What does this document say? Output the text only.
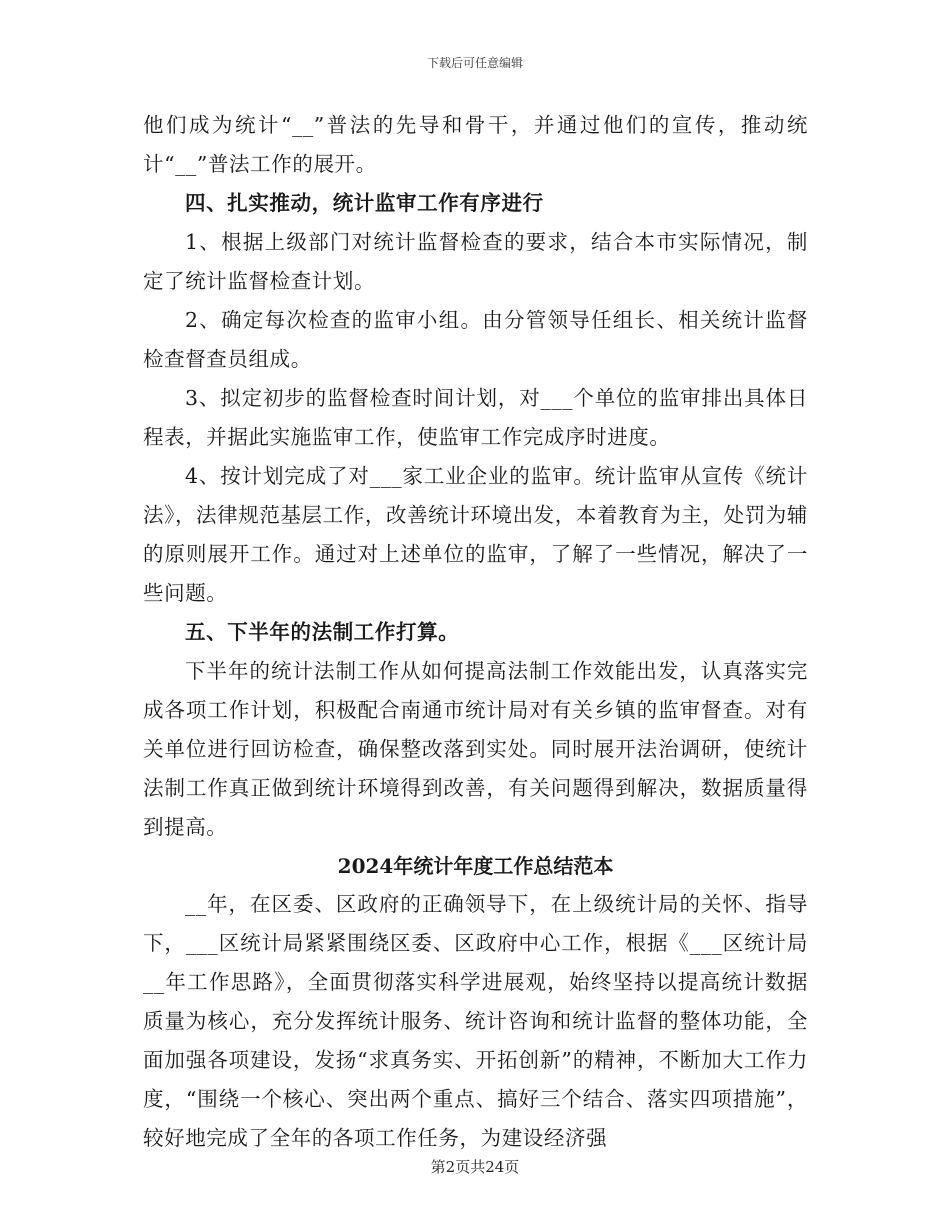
下载后可任意编辑

他们成为统计“__”普法的先导和骨干，并通过他们的宣传，推动统计“__”普法工作的展开。

四、扎实推动，统计监审工作有序进行

1、根据上级部门对统计监督检查的要求，结合本市实际情况，制定了统计监督检查计划。

2、确定每次检查的监审小组。由分管领导任组长、相关统计监督检查督查员组成。

3、拟定初步的监督检查时间计划，对___个单位的监审排出具体日程表，并据此实施监审工作，使监审工作完成序时进度。

4、按计划完成了对___家工业企业的监审。统计监审从宣传《统计法》，法律规范基层工作，改善统计环境出发，本着教育为主，处罚为辅的原则展开工作。通过对上述单位的监审，了解了一些情况，解决了一些问题。

五、下半年的法制工作打算。

下半年的统计法制工作从如何提高法制工作效能出发，认真落实完成各项工作计划，积极配合南通市统计局对有关乡镇的监审督查。对有关单位进行回访检查，确保整改落到实处。同时展开法治调研，使统计法制工作真正做到统计环境得到改善，有关问题得到解决，数据质量得到提高。

2024年统计年度工作总结范本

__年，在区委、区政府的正确领导下，在上级统计局的关怀、指导下，___区统计局紧紧围绕区委、区政府中心工作，根据《___区统计局__年工作思路》，全面贯彻落实科学进展观，始终坚持以提高统计数据质量为核心，充分发挥统计服务、统计咨询和统计监督的整体功能，全面加强各项建设，发扬“求真务实、开拓创新”的精神，不断加大工作力度，“围绕一个核心、突出两个重点、搞好三个结合、落实四项措施”，较好地完成了全年的各项工作任务，为建设经济强

第2页共24页
